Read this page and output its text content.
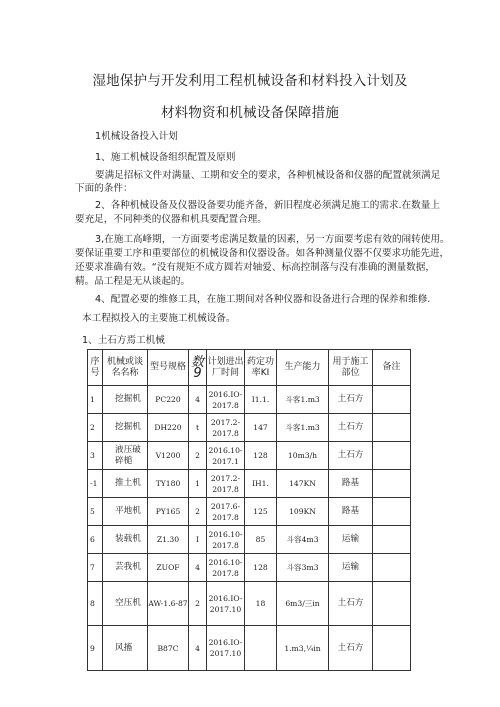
湿地保护与开发利用工程机械设备和材料投入计划及
材料物资和机械设备保障措施
1机械设备投入计划
1、施工机械设备组织配置及原则
要满足招标文件对满量、工期和安全的要求，各种机械设备和仪器的配置就须满足
下面的条件：
2、各种机械设备及仪器设备要功能齐备，新旧程度必须满足施工的需求.在数量上
要充足，不同种类的仪器和机具要配置合理。
3,在施工高峰期，一方面要考虑满足数量的因素，另一方面要考虑有效的闹转使用。
要保证重要工序和重要部位的机械设备和仪器设备。如各种测量仪器不仅要求功能先进，
还要求准确有效。“没有规矩不成方圆若对轴爱、标高控制落与没有准确的测量数据，
精。品工程是无从谈起的。
4、配置必要的维修工具，在施工期间对各种仪器和设备进行合理的保养和维修.
本工程拟投入的主要施工机械设备。
1、土石方焉工机械
序号	机械或谈名名称	型号规格	数9	计划进出厂时间	药定功率KI	生产能力	用于施工部位	备注
1	挖掘机	PC220	4	2016.IO-2017.8	I1.1.	斗客1.m3	土石方	
2	挖掘机	DH220	t	2017.2-2017.8	147	斗客1.m3	土石方	
3	液压破碎槌	V1200	2	2016.10-2017.1	128	10m3/h	土石方	
-1	推土机	TY180	1	2017.2-2017.8	IH1.	147KN	路基	
5	平地机	PY165	2	2017.6-2017.8	125	109KN	路基	
6	装载机	Z1.30	I	2016.10-2017.8	85	斗容4m3	运输	
7	芸我机	ZUOF	4	2016.10-2017.8	128	斗容3m3	运输	
8	空压机	AW-1.6-87	2	2016.IO-2017.10	18	6m3/三in	土石方	
9	风搐	B87C	4	2016.IO-2017.10		1.m3,¼in	土石方	
